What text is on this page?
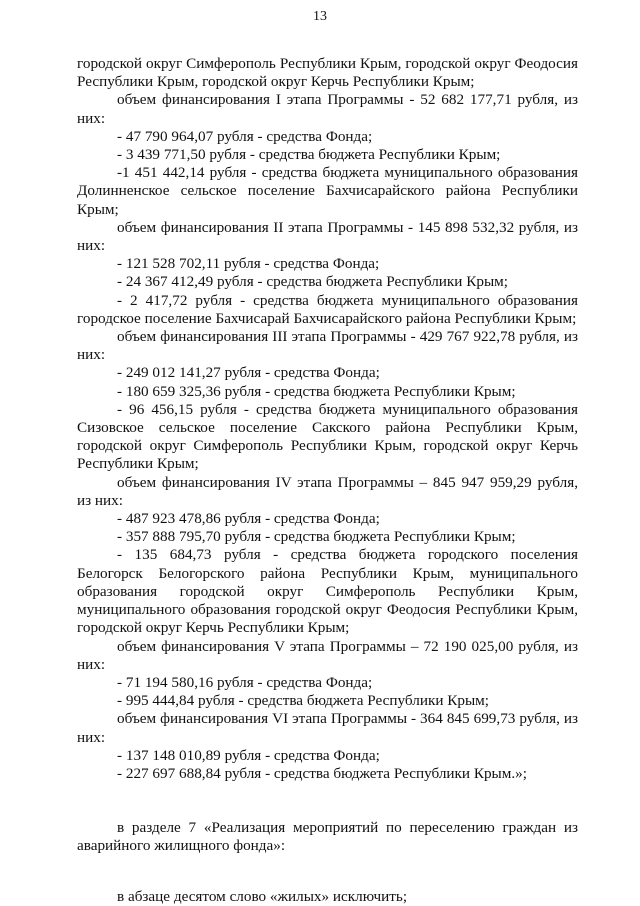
13

городской округ Симферополь Республики Крым, городской округ Феодосия Республики Крым, городской округ Керчь Республики Крым;

объем финансирования I этапа Программы - 52 682 177,71 рубля, из них:

- 47 790 964,07 рубля - средства Фонда;

- 3 439 771,50 рубля - средства бюджета Республики Крым;

-1 451 442,14 рубля - средства бюджета муниципального образования Долинненское сельское поселение Бахчисарайского района Республики Крым;

объем финансирования II этапа Программы - 145 898 532,32 рубля, из них:

- 121 528 702,11 рубля - средства Фонда;

- 24 367 412,49 рубля - средства бюджета Республики Крым;

- 2 417,72 рубля - средства бюджета муниципального образования городское поселение Бахчисарай Бахчисарайского района Республики Крым;

объем финансирования III этапа Программы - 429 767 922,78 рубля, из них:

- 249 012 141,27 рубля - средства Фонда;

- 180 659 325,36 рубля - средства бюджета Республики Крым;

- 96 456,15 рубля - средства бюджета муниципального образования Сизовское сельское поселение Сакского района Республики Крым, городской округ Симферополь Республики Крым, городской округ Керчь Республики Крым;

объем финансирования IV этапа Программы – 845 947 959,29 рубля, из них:

- 487 923 478,86 рубля - средства Фонда;

- 357 888 795,70 рубля - средства бюджета Республики Крым;

- 135 684,73 рубля - средства бюджета городского поселения Белогорск Белогорского района Республики Крым, муниципального образования городской округ Симферополь Республики Крым, муниципального образования городской округ Феодосия Республики Крым, городской округ Керчь Республики Крым;

объем финансирования V этапа Программы – 72 190 025,00 рубля, из них:

- 71 194 580,16 рубля - средства Фонда;

- 995 444,84 рубля - средства бюджета Республики Крым;

объем финансирования VI этапа Программы - 364 845 699,73 рубля, из них:

- 137 148 010,89 рубля - средства Фонда;

- 227 697 688,84 рубля - средства бюджета Республики Крым.»;

в разделе 7 «Реализация мероприятий по переселению граждан из аварийного жилищного фонда»:

в абзаце десятом слово «жилых» исключить;
